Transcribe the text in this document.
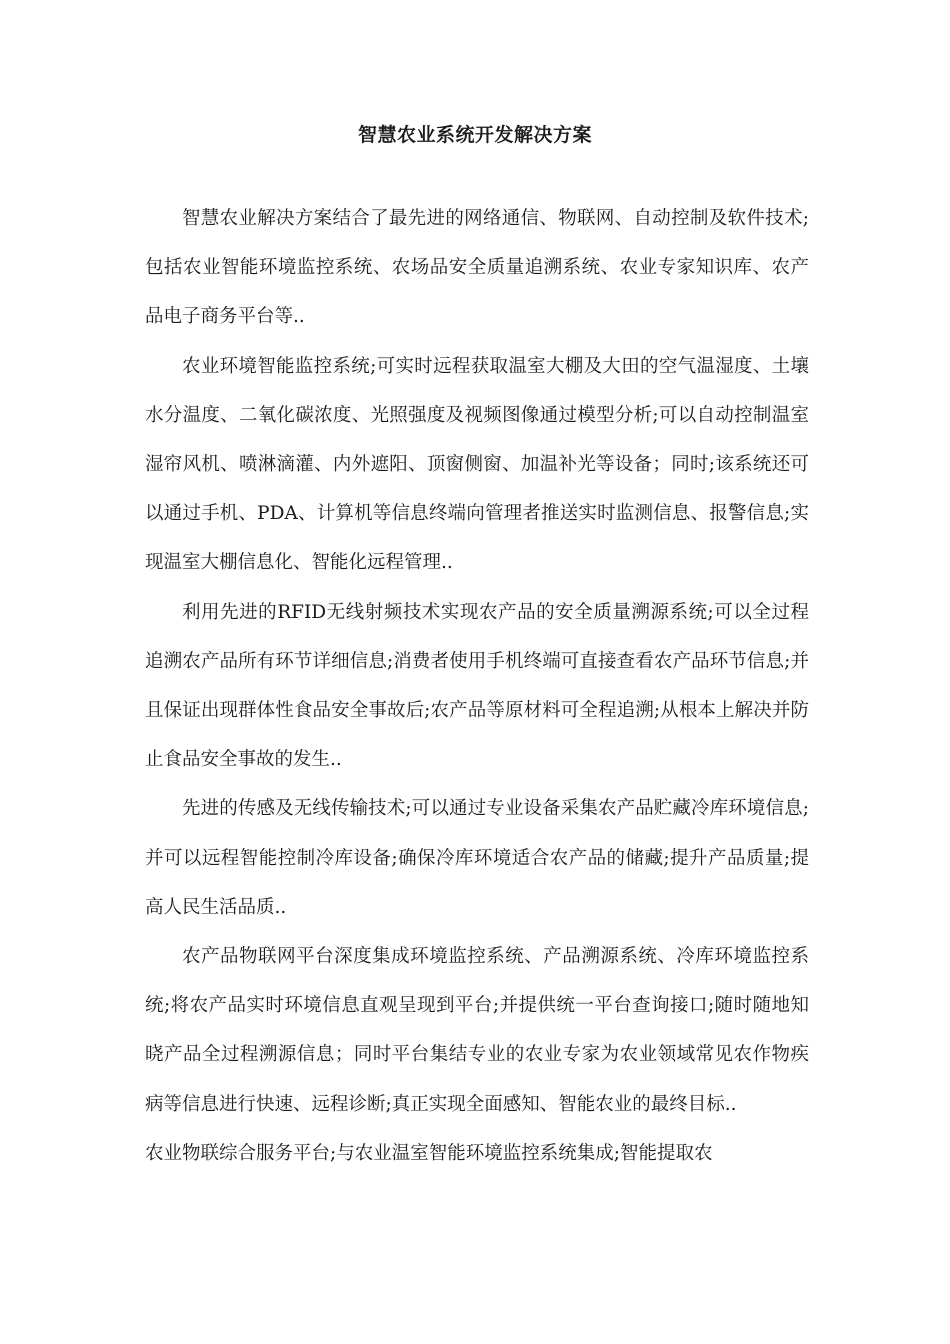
智慧农业系统开发解决方案

智慧农业解决方案结合了最先进的网络通信、物联网、自动控制及软件技术;包括农业智能环境监控系统、农场品安全质量追溯系统、农业专家知识库、农产品电子商务平台等..

农业环境智能监控系统;可实时远程获取温室大棚及大田的空气温湿度、土壤水分温度、二氧化碳浓度、光照强度及视频图像通过模型分析;可以自动控制温室湿帘风机、喷淋滴灌、内外遮阳、顶窗侧窗、加温补光等设备；同时;该系统还可以通过手机、PDA、计算机等信息终端向管理者推送实时监测信息、报警信息;实现温室大棚信息化、智能化远程管理..

利用先进的RFID无线射频技术实现农产品的安全质量溯源系统;可以全过程追溯农产品所有环节详细信息;消费者使用手机终端可直接查看农产品环节信息;并且保证出现群体性食品安全事故后;农产品等原材料可全程追溯;从根本上解决并防止食品安全事故的发生..

先进的传感及无线传输技术;可以通过专业设备采集农产品贮藏冷库环境信息;并可以远程智能控制冷库设备;确保冷库环境适合农产品的储藏;提升产品质量;提高人民生活品质..

农产品物联网平台深度集成环境监控系统、产品溯源系统、冷库环境监控系统;将农产品实时环境信息直观呈现到平台;并提供统一平台查询接口;随时随地知晓产品全过程溯源信息；同时平台集结专业的农业专家为农业领域常见农作物疾病等信息进行快速、远程诊断;真正实现全面感知、智能农业的最终目标..

农业物联综合服务平台;与农业温室智能环境监控系统集成;智能提取农
